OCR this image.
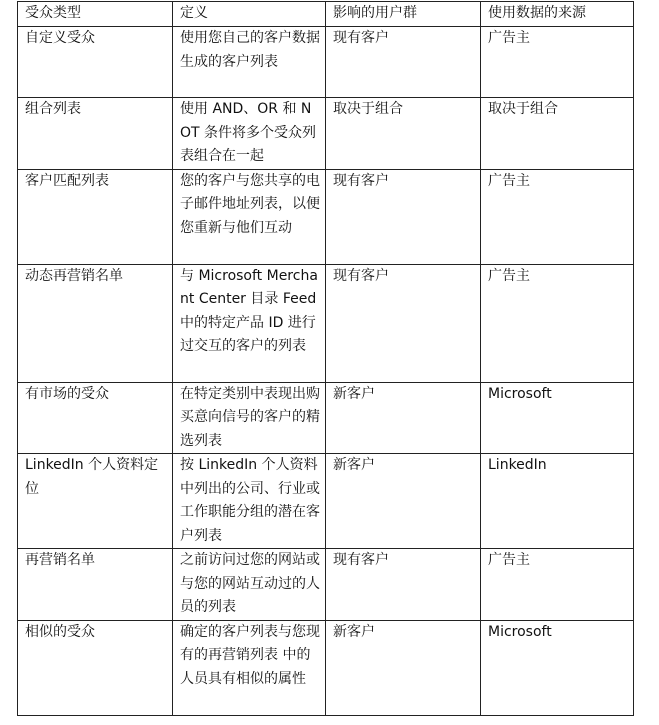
受众类型	定义	影响的用户群	使用数据的来源
自定义受众	使用您自己的客户数据生成的客户列表	现有客户	广告主
组合列表	使用 AND、OR 和 NOT 条件将多个受众列表组合在一起	取决于组合	取决于组合
客户匹配列表	您的客户与您共享的电子邮件地址列表，以便您重新与他们互动	现有客户	广告主
动态再营销名单	与 Microsoft Merchant Center 目录 Feed 中的特定产品 ID 进行过交互的客户的列表	现有客户	广告主
有市场的受众	在特定类别中表现出购买意向信号的客户的精选列表	新客户	Microsoft
LinkedIn 个人资料定位	按 LinkedIn 个人资料中列出的公司、行业或工作职能分组的潜在客户列表	新客户	LinkedIn
再营销名单	之前访问过您的网站或与您的网站互动过的人员的列表	现有客户	广告主
相似的受众	确定的客户列表与您现有的再营销列表 中的人员具有相似的属性	新客户	Microsoft
